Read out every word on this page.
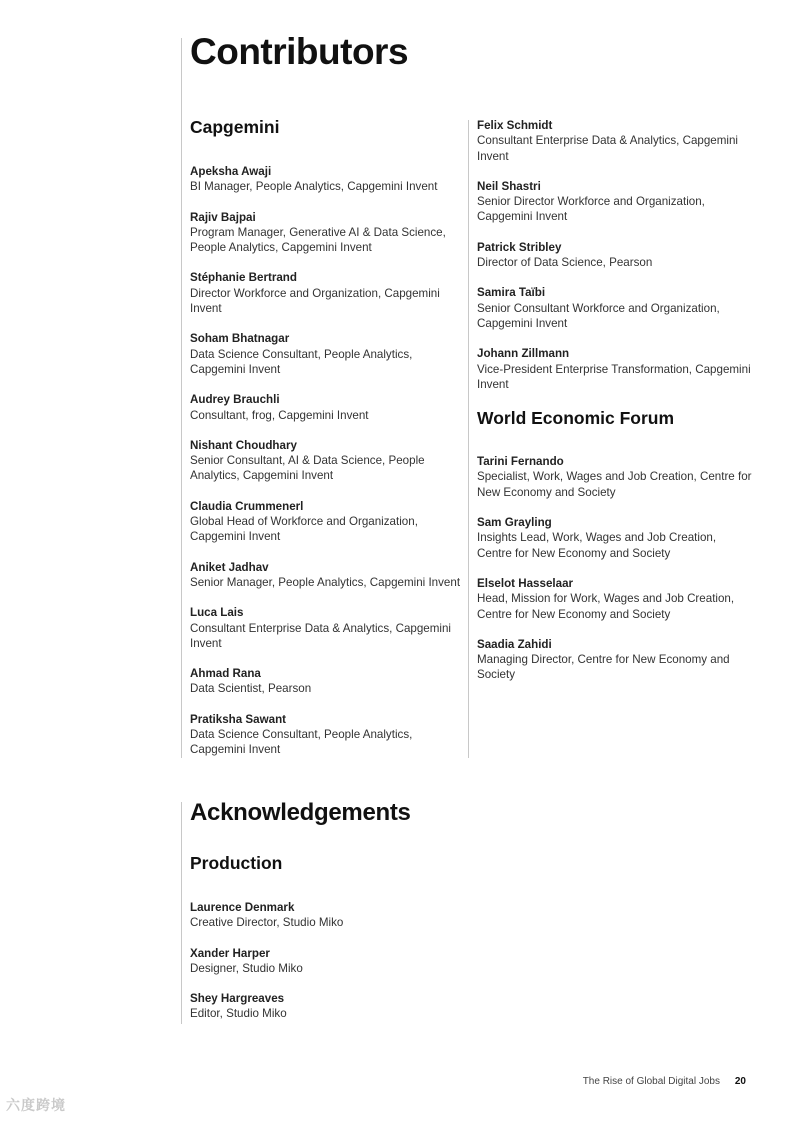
Contributors
Capgemini
Apeksha Awaji
BI Manager, People Analytics, Capgemini Invent
Rajiv Bajpai
Program Manager, Generative AI & Data Science, People Analytics, Capgemini Invent
Stéphanie Bertrand
Director Workforce and Organization, Capgemini Invent
Soham Bhatnagar
Data Science Consultant, People Analytics, Capgemini Invent
Audrey Brauchli
Consultant, frog, Capgemini Invent
Nishant Choudhary
Senior Consultant, AI & Data Science, People Analytics, Capgemini Invent
Claudia Crummenerl
Global Head of Workforce and Organization, Capgemini Invent
Aniket Jadhav
Senior Manager, People Analytics, Capgemini Invent
Luca Lais
Consultant Enterprise Data & Analytics, Capgemini Invent
Ahmad Rana
Data Scientist, Pearson
Pratiksha Sawant
Data Science Consultant, People Analytics, Capgemini Invent
Felix Schmidt
Consultant Enterprise Data & Analytics, Capgemini Invent
Neil Shastri
Senior Director Workforce and Organization, Capgemini Invent
Patrick Stribley
Director of Data Science, Pearson
Samira Taïbi
Senior Consultant Workforce and Organization, Capgemini Invent
Johann Zillmann
Vice-President Enterprise Transformation, Capgemini Invent
World Economic Forum
Tarini Fernando
Specialist, Work, Wages and Job Creation, Centre for New Economy and Society
Sam Grayling
Insights Lead, Work, Wages and Job Creation, Centre for New Economy and Society
Elselot Hasselaar
Head, Mission for Work, Wages and Job Creation, Centre for New Economy and Society
Saadia Zahidi
Managing Director, Centre for New Economy and Society
Acknowledgements
Production
Laurence Denmark
Creative Director, Studio Miko
Xander Harper
Designer, Studio Miko
Shey Hargreaves
Editor, Studio Miko
The Rise of Global Digital Jobs 20
六度跨境
